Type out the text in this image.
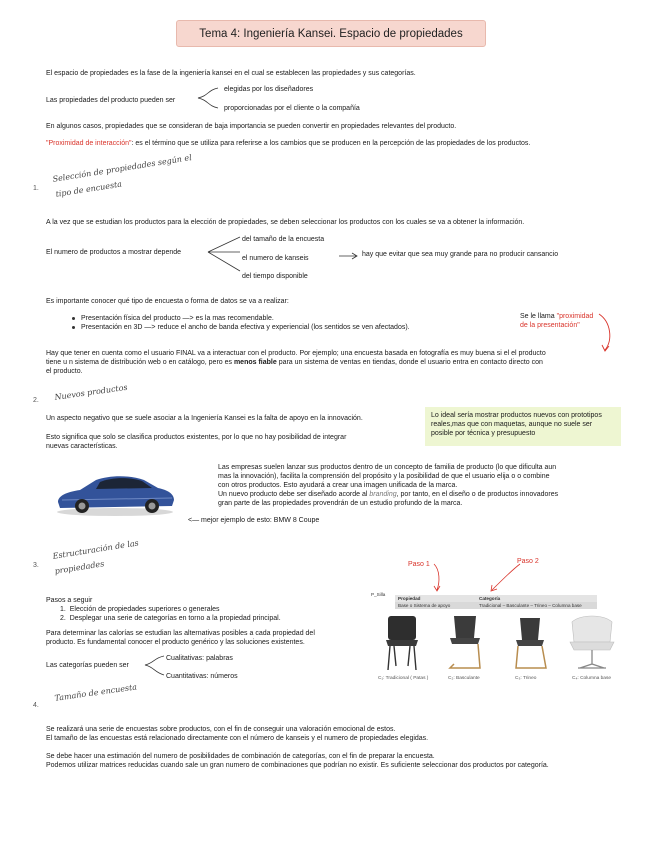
Tema 4: Ingeniería Kansei. Espacio de propiedades
El espacio de propiedades es la fase de la ingeniería kansei en el cual se establecen las propiedades y sus categorías.
Las propiedades del producto pueden ser
elegidas por los diseñadores
proporcionadas por el cliente o la compañía
En algunos casos, propiedades que se consideran de baja importancia se pueden convertir en propiedades relevantes del producto.
"Proximidad de interacción": es el término que se utiliza para referirse a los cambios que se producen en la percepción de las propiedades de los productos.
1.
Selección de propiedades según el
tipo de encuesta
A la vez que se estudian los productos para la elección de propiedades, se deben seleccionar los productos con los cuales se va a obtener la información.
El numero de productos a mostrar depende
del tamaño de la encuesta
el numero de kanseis
del tiempo disponible
hay que evitar que sea muy grande para no producir cansancio
Es importante conocer qué tipo de encuesta o forma de datos se va a realizar:
Presentación física del producto —> es la mas recomendable.
Presentación en 3D —> reduce el ancho de banda efectiva y experiencial (los sentidos se ven afectados).
Se le llama "proximidad
de la presentación"
Hay que tener en cuenta como el usuario FINAL va a interactuar con el producto. Por ejemplo; una encuesta basada en fotografía es muy buena si el el producto
tiene u n sistema de distribución web o en catálogo, pero es menos fiable para un sistema de ventas en tiendas, donde el usuario entra en contacto directo con
el producto.
2. Nuevos productos
Un aspecto negativo que se suele asociar a la Ingeniería Kansei es la falta de apoyo en la innovación.
Esto significa que solo se clasifica productos existentes, por lo que no hay posibilidad de integrar
nuevas características.
Lo ideal sería mostrar productos nuevos con prototipos reales,mas que con maquetas, aunque no suele ser posible por técnica y presupuesto
Las empresas suelen lanzar sus productos dentro de un concepto de familia de producto (lo que dificulta aun
mas la innovación), facilita la comprensión del propósito y la posibilidad de que el usuario elija o o combine
con otros productos. Esto ayudará a crear una imagen unificada de la marca.
Un nuevo producto debe ser diseñado acorde al branding, por tanto, en el diseño o de productos innovadores
gran parte de las propiedades provendrán de un estudio profundo de la marca.
<— mejor ejemplo de esto: BMW 8 Coupe
3.
Estructuración de las
propiedades
Pasos a seguir
1.  Elección de propiedades superiores o generales
2.  Desplegar una serie de categorías en torno a la propiedad principal.
Para determinar las calorías se estudian las alternativas posibles a cada propiedad del
producto. Es fundamental conocer el producto genérico y las soluciones existentes.
Las categorías pueden ser
Cualitativas: palabras
Cuantitativas: números
Paso 1	Paso 2
P_Silla
Propiedad	Categoría
Base o Sistema de apoyo	Tradicional – Basculante – Trineo – Columna base
C₁: Tradicional ( Patas )	C₂: Basculante	C₃: Trineo	C₄: Columna base
4.
Tamaño de encuesta
Se realizará una serie de encuestas sobre productos, con el fin de conseguir una valoración emocional de estos.
El tamaño de las encuestas está relacionado directamente con el número de kanseis y el numero de propiedades elegidas.
Se debe hacer una estimación del numero de posibilidades de combinación de categorías, con el fin de preparar la encuesta.
Podemos utilizar matrices reducidas cuando sale un gran numero de combinaciones que podrían no existir. Es suficiente seleccionar dos productos por categoría.
